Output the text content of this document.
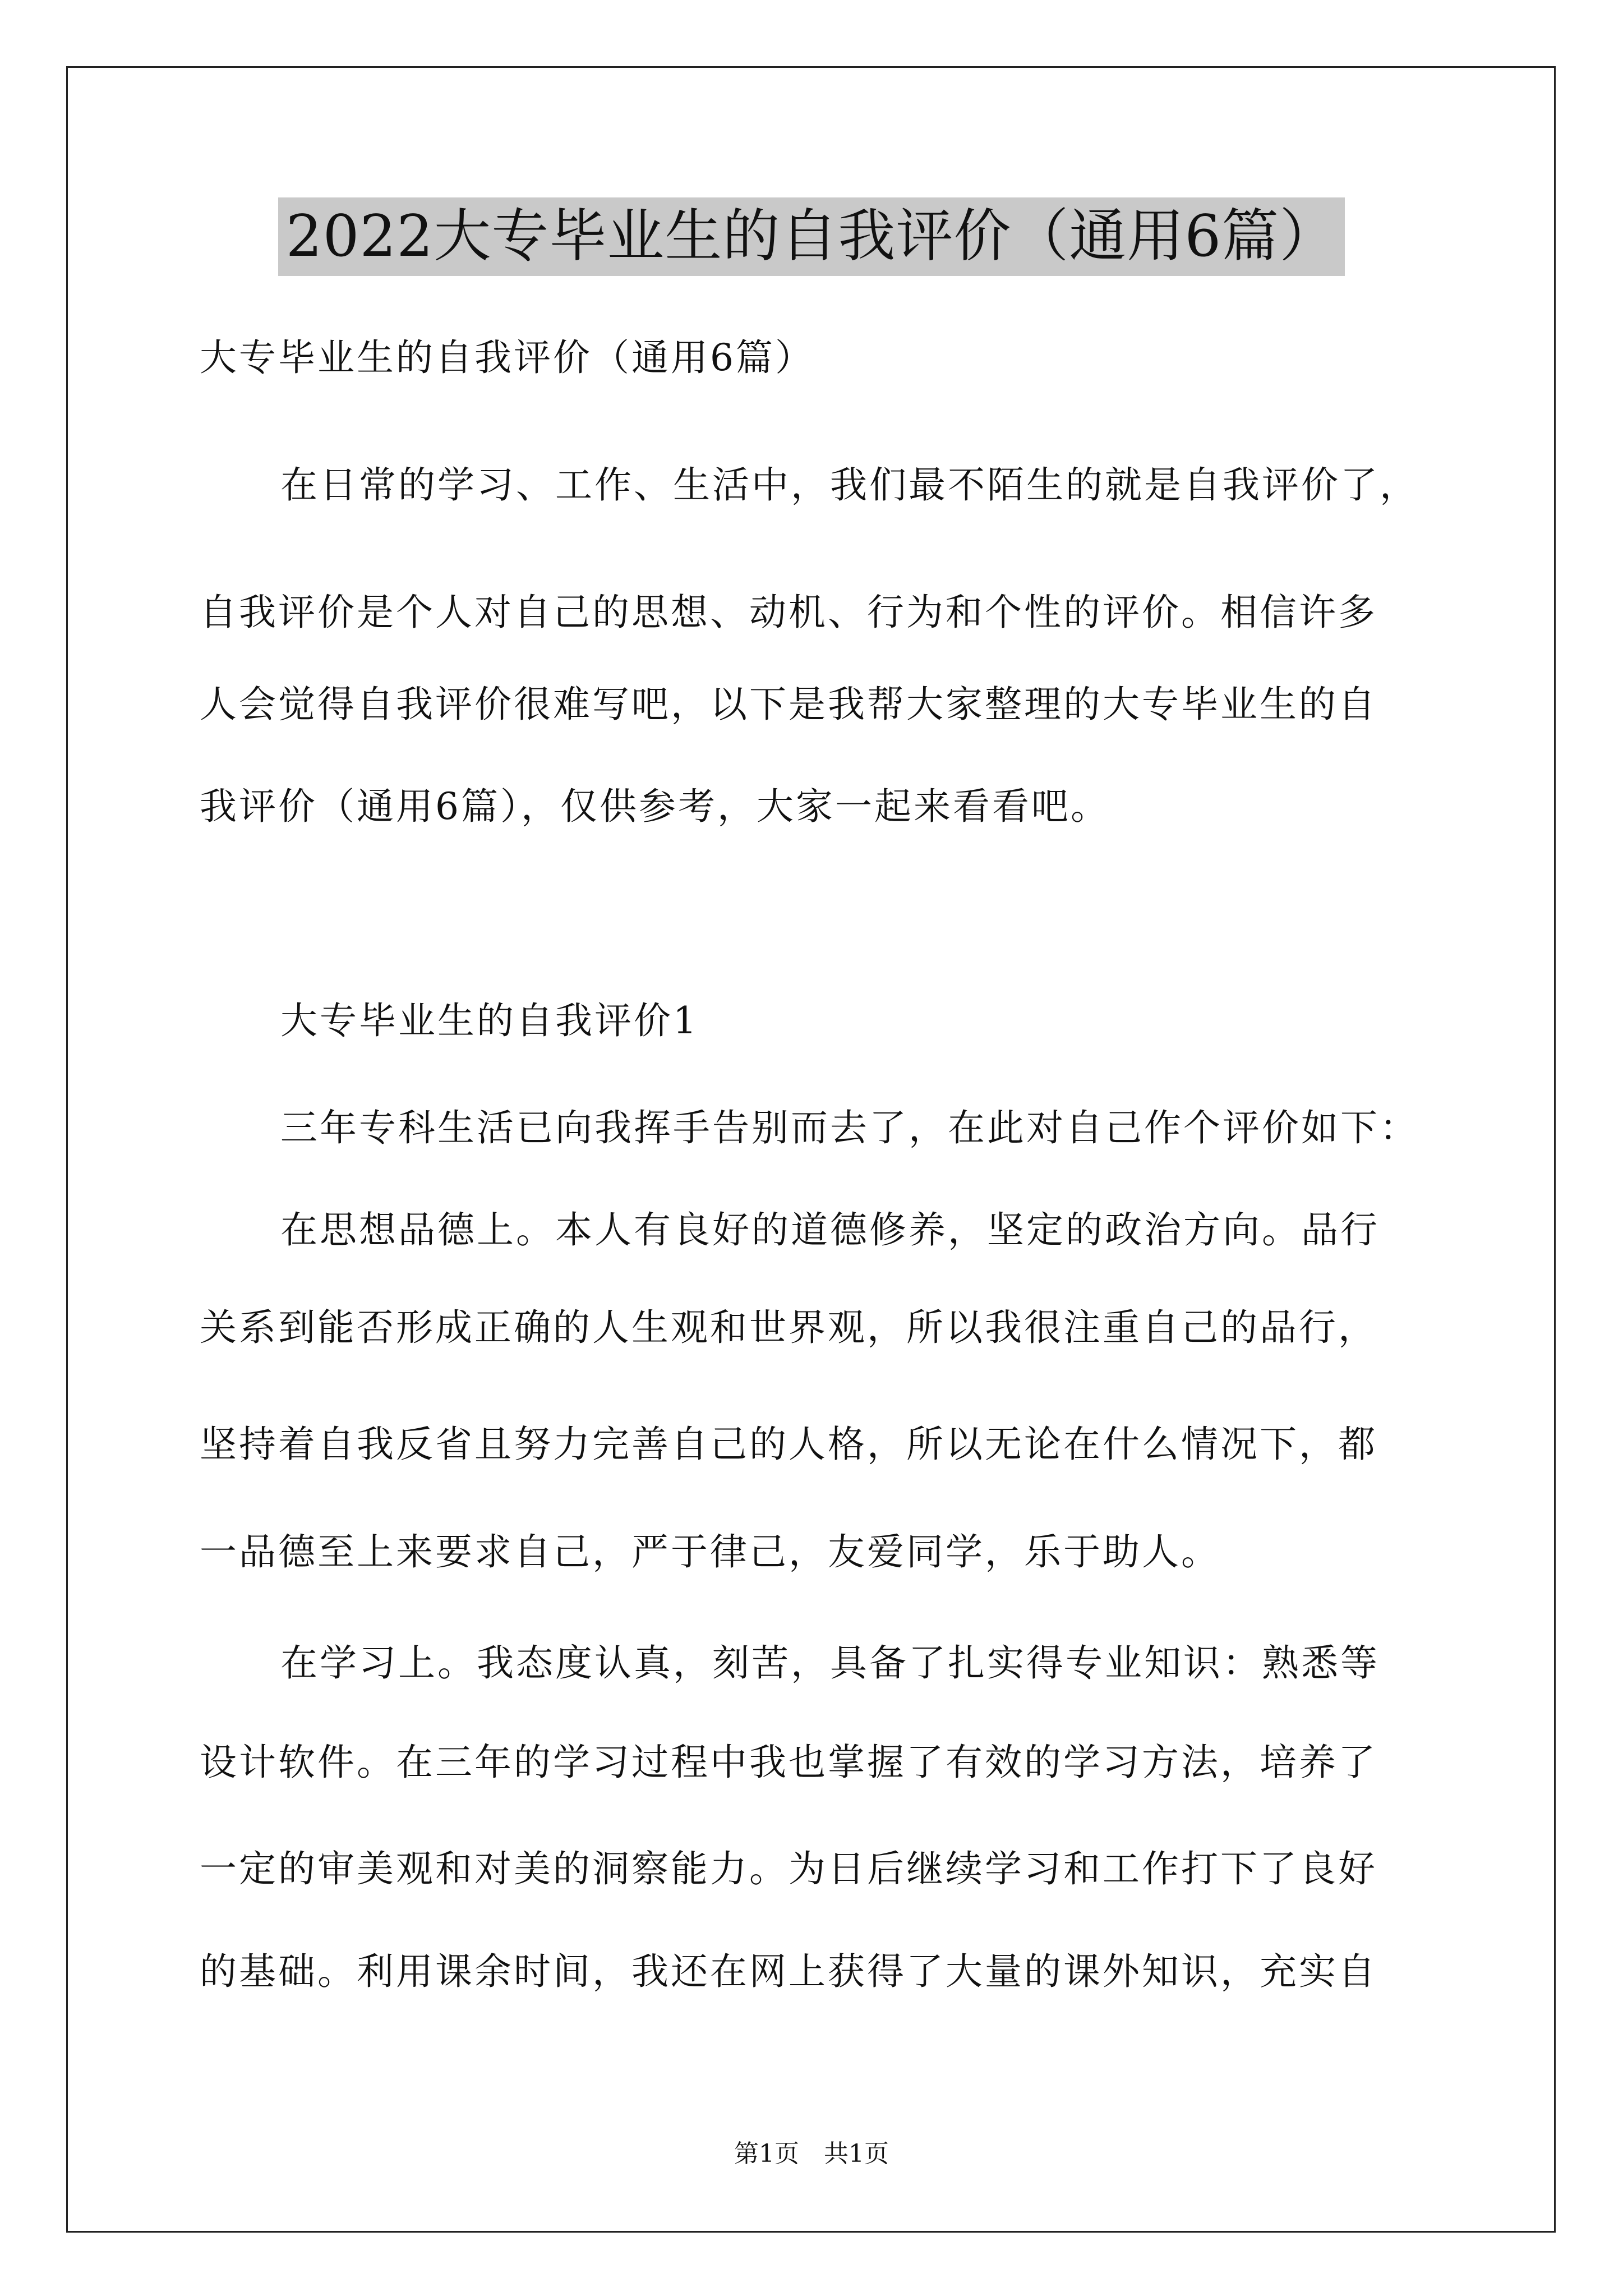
2022大专毕业生的自我评价（通用6篇）
大专毕业生的自我评价（通用6篇）
在日常的学习、工作、生活中，我们最不陌生的就是自我评价了，
自我评价是个人对自己的思想、动机、行为和个性的评价。相信许多
人会觉得自我评价很难写吧，以下是我帮大家整理的大专毕业生的自
我评价（通用6篇），仅供参考，大家一起来看看吧。
大专毕业生的自我评价1
三年专科生活已向我挥手告别而去了，在此对自己作个评价如下：
在思想品德上。本人有良好的道德修养，坚定的政治方向。品行
关系到能否形成正确的人生观和世界观，所以我很注重自己的品行，
坚持着自我反省且努力完善自己的人格，所以无论在什么情况下，都
一品德至上来要求自己，严于律己，友爱同学，乐于助人。
在学习上。我态度认真，刻苦，具备了扎实得专业知识：熟悉等
设计软件。在三年的学习过程中我也掌握了有效的学习方法，培养了
一定的审美观和对美的洞察能力。为日后继续学习和工作打下了良好
的基础。利用课余时间，我还在网上获得了大量的课外知识，充实自
第1页 共1页
